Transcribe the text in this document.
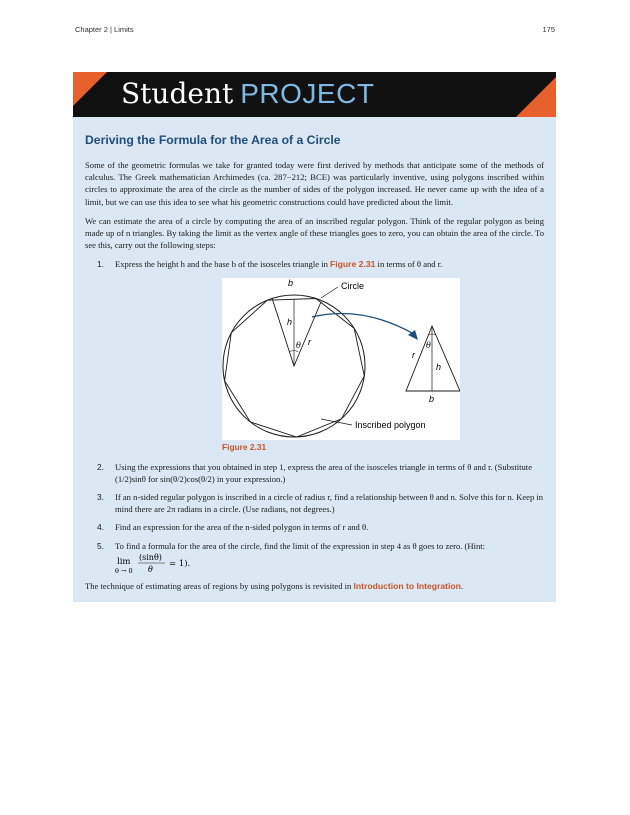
Chapter 2 | Limits	175
Student PROJECT
Deriving the Formula for the Area of a Circle

Some of the geometric formulas we take for granted today were first derived by methods that anticipate some of the methods of calculus. The Greek mathematician Archimedes (ca. 287−212; BCE) was particularly inventive, using polygons inscribed within circles to approximate the area of the circle as the number of sides of the polygon increased. He never came up with the idea of a limit, but we can use this idea to see what his geometric constructions could have predicted about the limit.

We can estimate the area of a circle by computing the area of an inscribed regular polygon. Think of the regular polygon as being made up of n triangles. By taking the limit as the vertex angle of these triangles goes to zero, you can obtain the area of the circle. To see this, carry out the following steps:

1. Express the height h and the base b of the isosceles triangle in Figure 2.31 in terms of θ and r.
b	Circle
h
r
θ	θ
r
h
b
Inscribed polygon
Figure 2.31
2. Using the expressions that you obtained in step 1, express the area of the isosceles triangle in terms of θ and r. (Substitute (1/2)sinθ for sin(θ/2)cos(θ/2) in your expression.)
3. If an n-sided regular polygon is inscribed in a circle of radius r, find a relationship between θ and n. Solve this for n. Keep in mind there are 2π radians in a circle. (Use radians, not degrees.)
4. Find an expression for the area of the n-sided polygon in terms of r and θ.
5. To find a formula for the area of the circle, find the limit of the expression in step 4 as θ goes to zero. (Hint:

lim
θ → 0
(sinθ)
θ
= 1).

The technique of estimating areas of regions by using polygons is revisited in Introduction to Integration.
